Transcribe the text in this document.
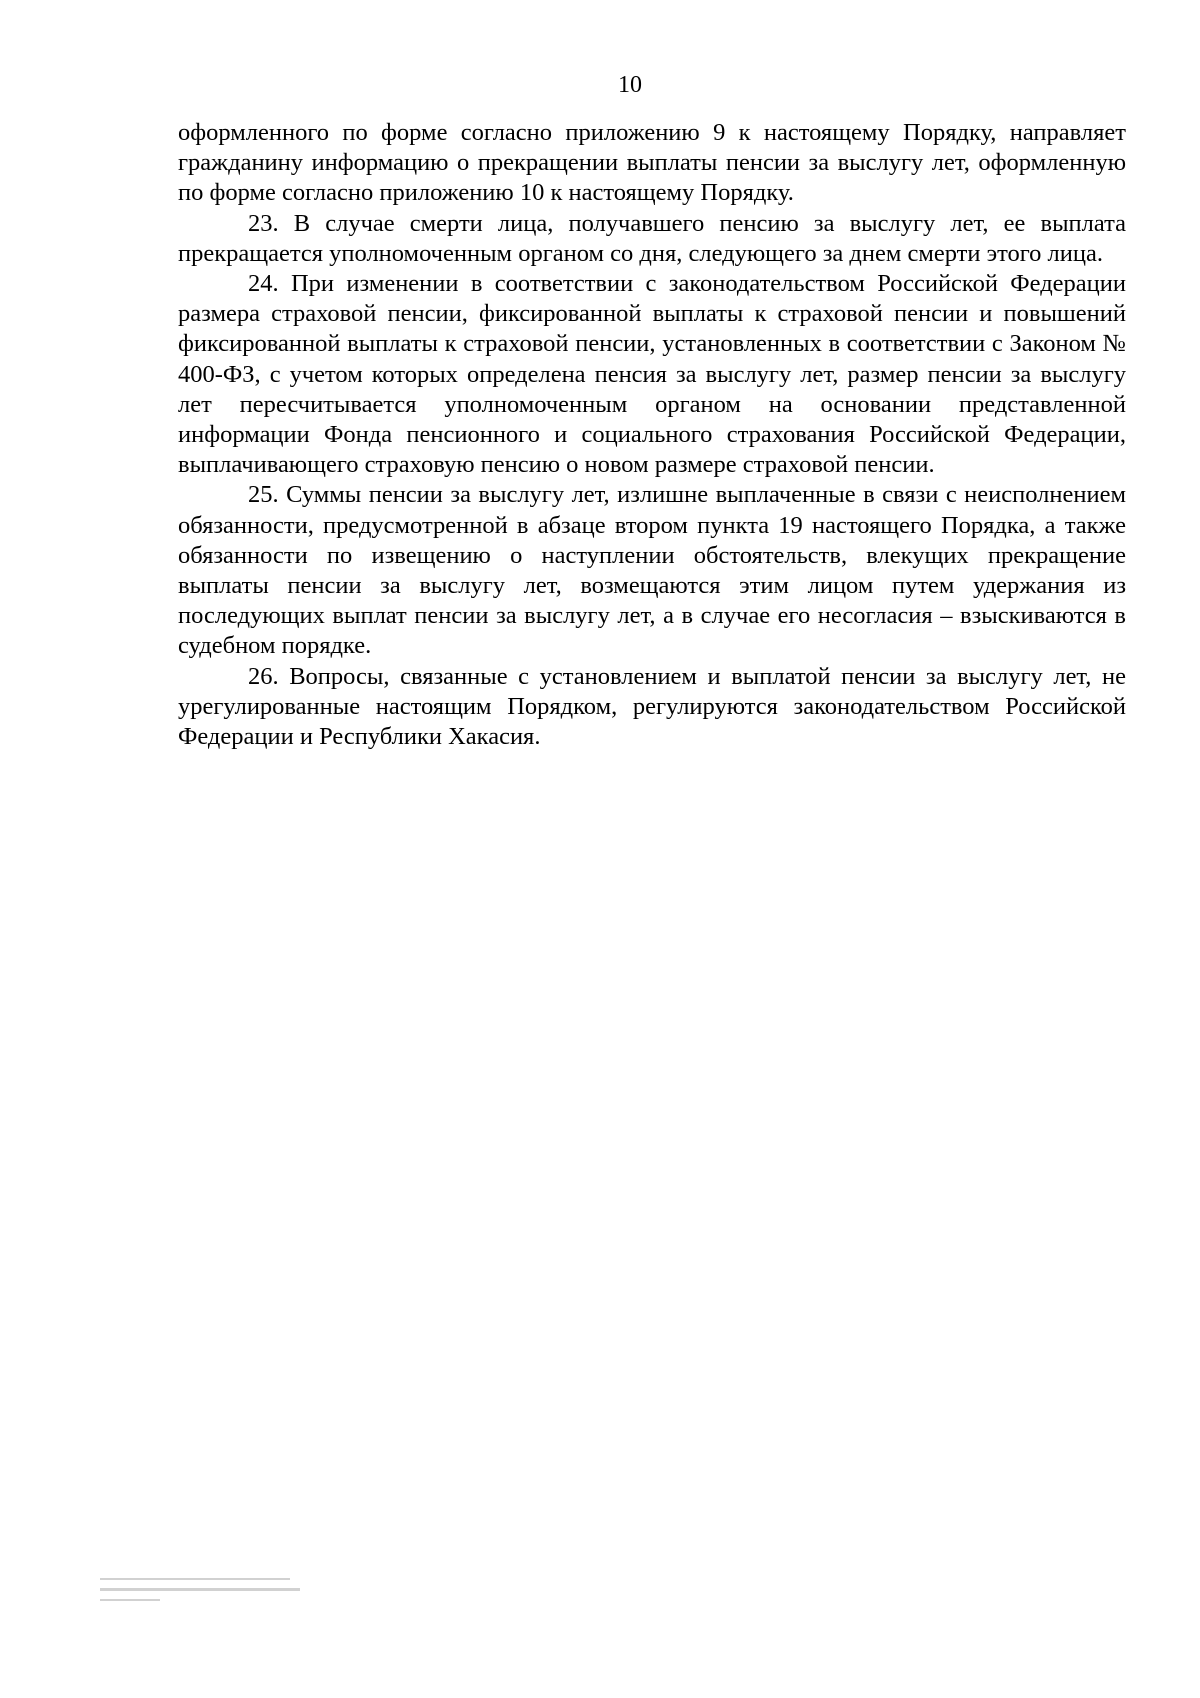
10

оформленного по форме согласно приложению 9 к настоящему Порядку, направляет гражданину информацию о прекращении выплаты пенсии за выслугу лет, оформленную по форме согласно приложению 10 к настоящему Порядку.

23. В случае смерти лица, получавшего пенсию за выслугу лет, ее выплата прекращается уполномоченным органом со дня, следующего за днем смерти этого лица.

24. При изменении в соответствии с законодательством Российской Федерации размера страховой пенсии, фиксированной выплаты к страховой пенсии и повышений фиксированной выплаты к страховой пенсии, установленных в соответствии с Законом № 400-ФЗ, с учетом которых определена пенсия за выслугу лет, размер пенсии за выслугу лет пересчитывается уполномоченным органом на основании представленной информации Фонда пенсионного и социального страхования Российской Федерации, выплачивающего страховую пенсию о новом размере страховой пенсии.

25. Суммы пенсии за выслугу лет, излишне выплаченные в связи с неисполнением обязанности, предусмотренной в абзаце втором пункта 19 настоящего Порядка, а также обязанности по извещению о наступлении обстоятельств, влекущих прекращение выплаты пенсии за выслугу лет, возмещаются этим лицом путем удержания из последующих выплат пенсии за выслугу лет, а в случае его несогласия – взыскиваются в судебном порядке.

26. Вопросы, связанные с установлением и выплатой пенсии за выслугу лет, не урегулированные настоящим Порядком, регулируются законодательством Российской Федерации и Республики Хакасия.
